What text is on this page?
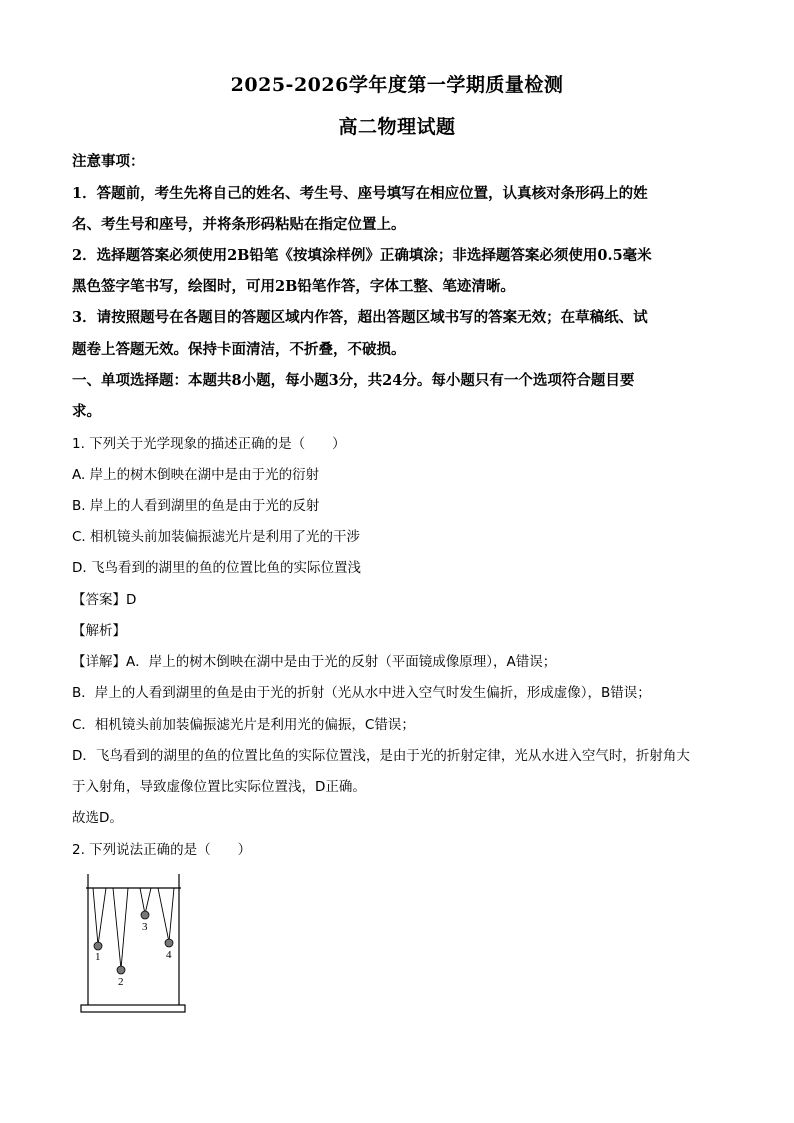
2025-2026学年度第一学期质量检测
高二物理试题
注意事项：
1．答题前，考生先将自己的姓名、考生号、座号填写在相应位置，认真核对条形码上的姓
名、考生号和座号，并将条形码粘贴在指定位置上。
2．选择题答案必须使用2B铅笔《按填涂样例》正确填涂；非选择题答案必须使用0.5毫米
黑色签字笔书写，绘图时，可用2B铅笔作答，字体工整、笔迹清晰。
3．请按照题号在各题目的答题区域内作答，超出答题区域书写的答案无效；在草稿纸、试
题卷上答题无效。保持卡面清洁，不折叠，不破损。
一、单项选择题：本题共8小题，每小题3分，共24分。每小题只有一个选项符合题目要
求。
1. 下列关于光学现象的描述正确的是（　　）
A. 岸上的树木倒映在湖中是由于光的衍射
B. 岸上的人看到湖里的鱼是由于光的反射
C. 相机镜头前加装偏振滤光片是利用了光的干涉
D. 飞鸟看到的湖里的鱼的位置比鱼的实际位置浅
【答案】D
【解析】
【详解】A．岸上的树木倒映在湖中是由于光的反射（平面镜成像原理），A错误；
B．岸上的人看到湖里的鱼是由于光的折射（光从水中进入空气时发生偏折，形成虚像），B错误；
C．相机镜头前加装偏振滤光片是利用光的偏振，C错误；
D．飞鸟看到的湖里的鱼的位置比鱼的实际位置浅，是由于光的折射定律，光从水进入空气时，折射角大
于入射角，导致虚像位置比实际位置浅，D正确。
故选D。
2. 下列说法正确的是（　　）
1
2
3
4
